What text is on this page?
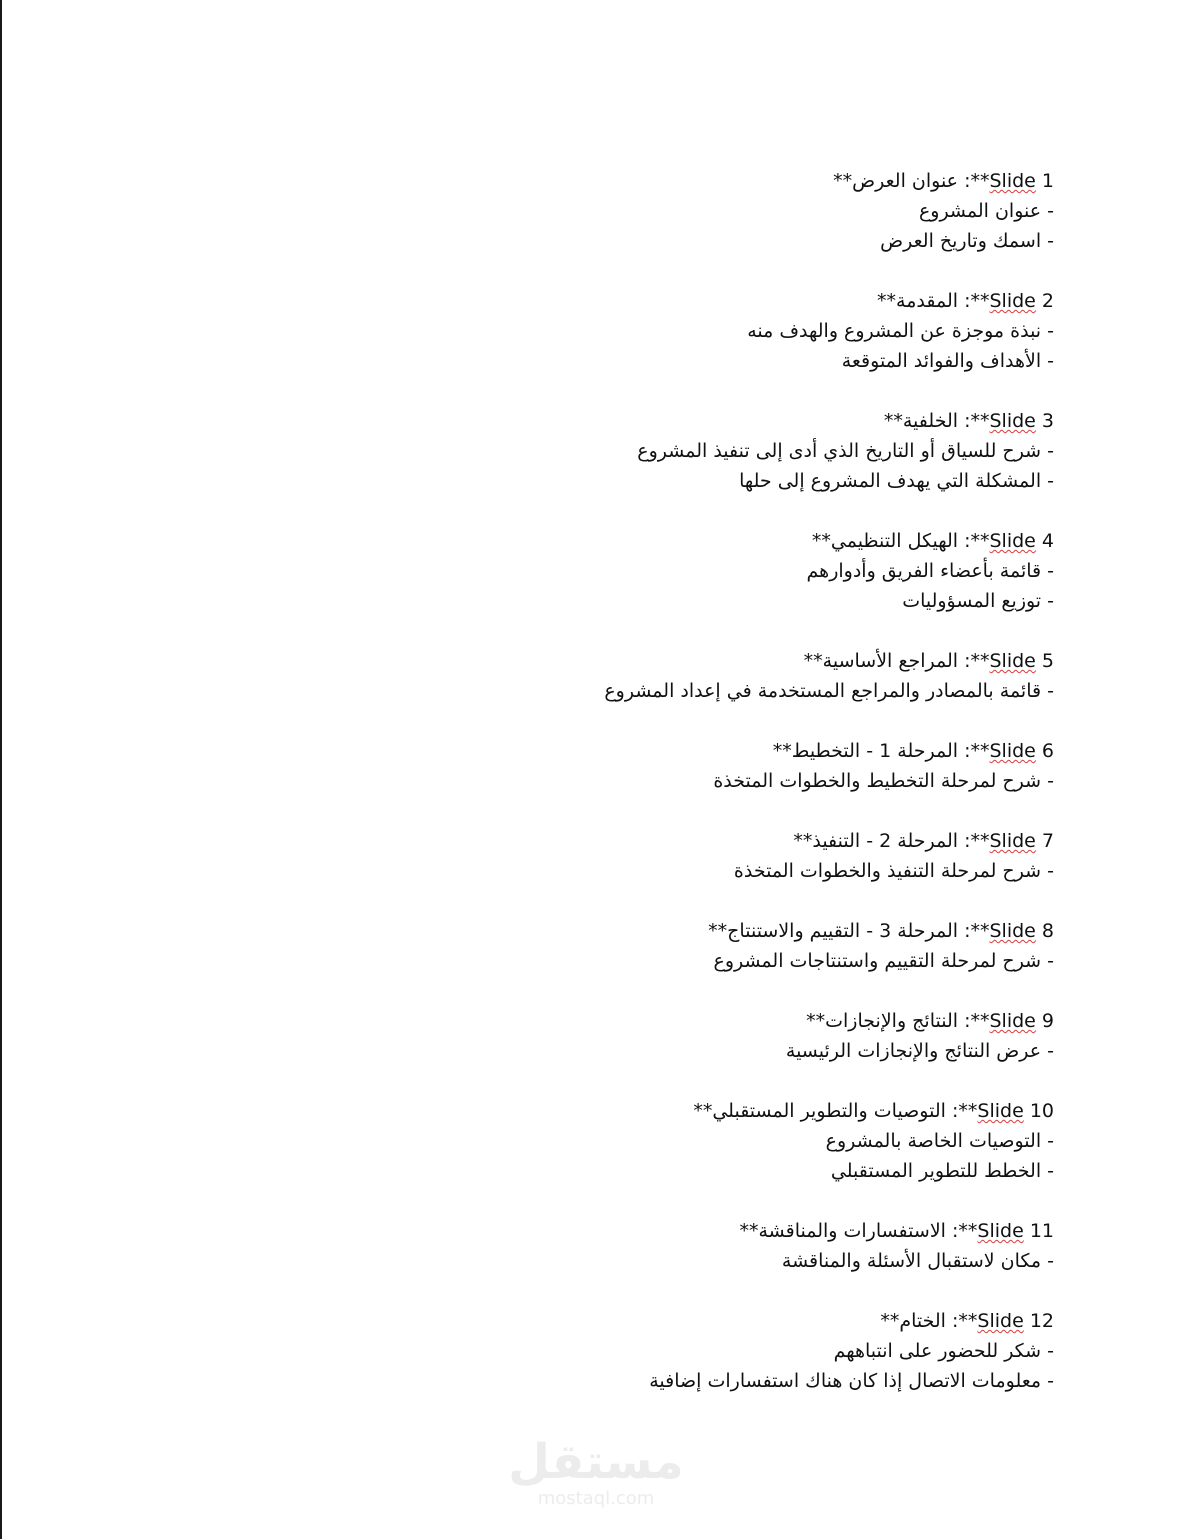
**Slide 1: عنوان العرض**
- عنوان المشروع
- اسمك وتاريخ العرض
**Slide 2: المقدمة**
- نبذة موجزة عن المشروع والهدف منه
- الأهداف والفوائد المتوقعة
**Slide 3: الخلفية**
- شرح للسياق أو التاريخ الذي أدى إلى تنفيذ المشروع
- المشكلة التي يهدف المشروع إلى حلها
**Slide 4: الهيكل التنظيمي**
- قائمة بأعضاء الفريق وأدوارهم
- توزيع المسؤوليات
**Slide 5: المراجع الأساسية**
- قائمة بالمصادر والمراجع المستخدمة في إعداد المشروع
**Slide 6: المرحلة 1 - التخطيط**
- شرح لمرحلة التخطيط والخطوات المتخذة
**Slide 7: المرحلة 2 - التنفيذ**
- شرح لمرحلة التنفيذ والخطوات المتخذة
**Slide 8: المرحلة 3 - التقييم والاستنتاج**
- شرح لمرحلة التقييم واستنتاجات المشروع
**Slide 9: النتائج والإنجازات**
- عرض النتائج والإنجازات الرئيسية
**Slide 10: التوصيات والتطوير المستقبلي**
- التوصيات الخاصة بالمشروع
- الخطط للتطوير المستقبلي
**Slide 11: الاستفسارات والمناقشة**
- مكان لاستقبال الأسئلة والمناقشة
**Slide 12: الختام**
- شكر للحضور على انتباههم
- معلومات الاتصال إذا كان هناك استفسارات إضافية
مستقل
mostaql.com
